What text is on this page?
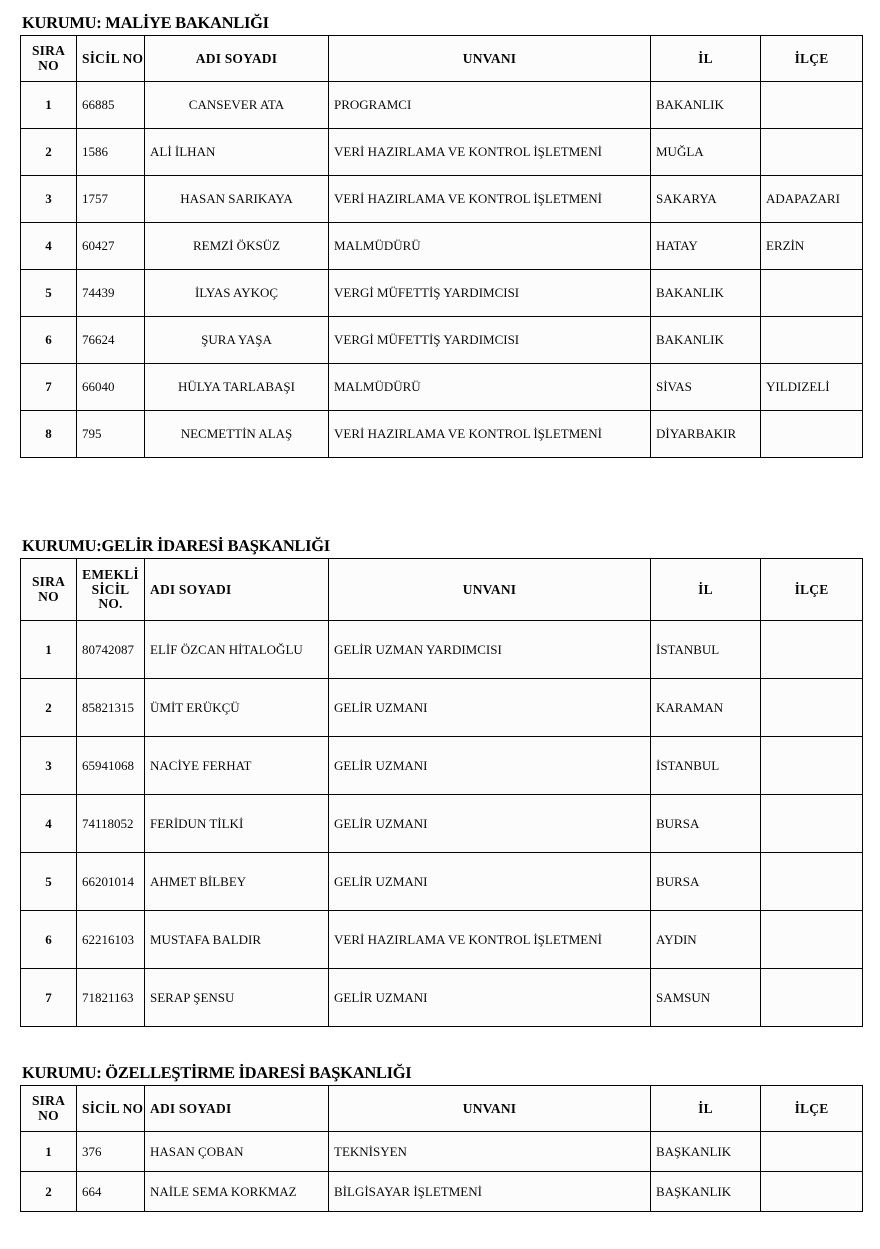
KURUMU: MALİYE BAKANLIĞI
SIRA
NO	SİCİL NO	ADI SOYADI	UNVANI	İL	İLÇE
1	66885	CANSEVER ATA	PROGRAMCI	BAKANLIK	
2	1586	ALİ İLHAN	VERİ HAZIRLAMA VE KONTROL İŞLETMENİ	MUĞLA	
3	1757	HASAN SARIKAYA	VERİ HAZIRLAMA VE KONTROL İŞLETMENİ	SAKARYA	ADAPAZARI
4	60427	REMZİ ÖKSÜZ	MALMÜDÜRÜ	HATAY	ERZİN
5	74439	İLYAS AYKOÇ	VERGİ MÜFETTİŞ YARDIMCISI	BAKANLIK	
6	76624	ŞURA YAŞA	VERGİ MÜFETTİŞ YARDIMCISI	BAKANLIK	
7	66040	HÜLYA TARLABAŞI	MALMÜDÜRÜ	SİVAS	YILDIZELİ
8	795	NECMETTİN ALAŞ	VERİ HAZIRLAMA VE KONTROL İŞLETMENİ	DİYARBAKIR	
KURUMU:GELİR İDARESİ BAŞKANLIĞI
SIRA
NO	EMEKLİ
SİCİL
NO.	ADI SOYADI	UNVANI	İL	İLÇE
1	80742087	ELİF ÖZCAN HİTALOĞLU	GELİR UZMAN YARDIMCISI	İSTANBUL	
2	85821315	ÜMİT ERÜKÇÜ	GELİR UZMANI	KARAMAN	
3	65941068	NACİYE FERHAT	GELİR UZMANI	İSTANBUL	
4	74118052	FERİDUN TİLKİ	GELİR UZMANI	BURSA	
5	66201014	AHMET BİLBEY	GELİR UZMANI	BURSA	
6	62216103	MUSTAFA BALDIR	VERİ HAZIRLAMA VE KONTROL İŞLETMENİ	AYDIN	
7	71821163	SERAP ŞENSU	GELİR UZMANI	SAMSUN	
KURUMU: ÖZELLEŞTİRME İDARESİ BAŞKANLIĞI
SIRA
NO	SİCİL NO	ADI SOYADI	UNVANI	İL	İLÇE
1	376	HASAN ÇOBAN	TEKNİSYEN	BAŞKANLIK	
2	664	NAİLE SEMA KORKMAZ	BİLGİSAYAR İŞLETMENİ	BAŞKANLIK	
